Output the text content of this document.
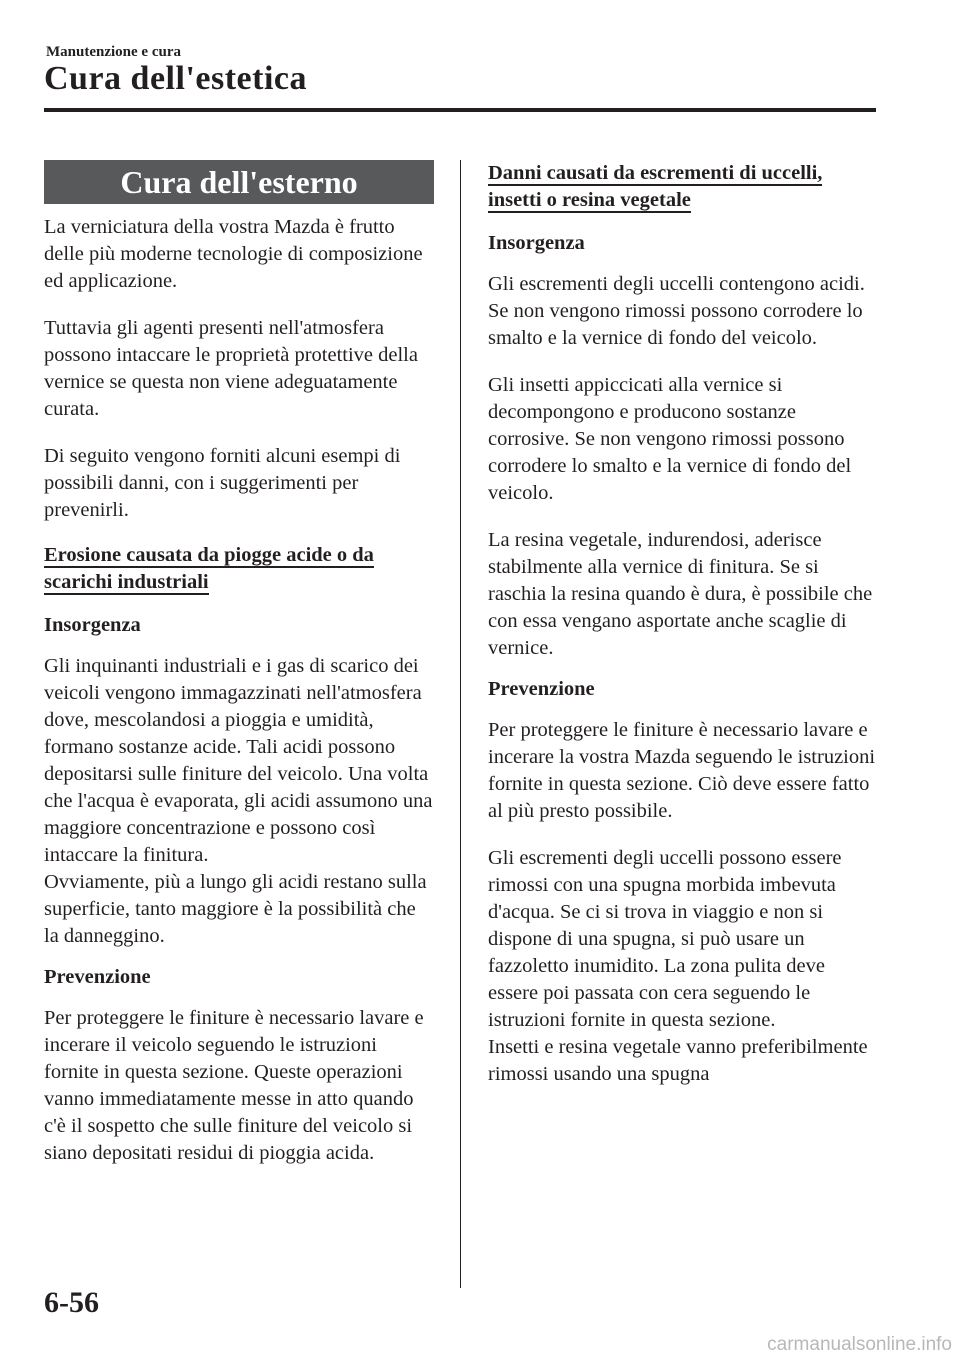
Manutenzione e cura
Cura dell'estetica
Cura dell'esterno

La verniciatura della vostra Mazda è frutto delle più moderne tecnologie di composizione ed applicazione.

Tuttavia gli agenti presenti nell'atmosfera possono intaccare le proprietà protettive della vernice se questa non viene adeguatamente curata.

Di seguito vengono forniti alcuni esempi di possibili danni, con i suggerimenti per prevenirli.

Erosione causata da piogge acide o da scarichi industriali
Insorgenza

Gli inquinanti industriali e i gas di scarico dei veicoli vengono immagazzinati nell'atmosfera dove, mescolandosi a pioggia e umidità, formano sostanze acide. Tali acidi possono depositarsi sulle finiture del veicolo. Una volta che l'acqua è evaporata, gli acidi assumono una maggiore concentrazione e possono così intaccare la finitura.
Ovviamente, più a lungo gli acidi restano sulla superficie, tanto maggiore è la possibilità che la danneggino.

Prevenzione

Per proteggere le finiture è necessario lavare e incerare il veicolo seguendo le istruzioni fornite in questa sezione. Queste operazioni vanno immediatamente messe in atto quando c'è il sospetto che sulle finiture del veicolo si siano depositati residui di pioggia acida.

Danni causati da escrementi di uccelli, insetti o resina vegetale
Insorgenza

Gli escrementi degli uccelli contengono acidi. Se non vengono rimossi possono corrodere lo smalto e la vernice di fondo del veicolo.

Gli insetti appiccicati alla vernice si decompongono e producono sostanze corrosive. Se non vengono rimossi possono corrodere lo smalto e la vernice di fondo del veicolo.

La resina vegetale, indurendosi, aderisce stabilmente alla vernice di finitura. Se si raschia la resina quando è dura, è possibile che con essa vengano asportate anche scaglie di vernice.

Prevenzione

Per proteggere le finiture è necessario lavare e incerare la vostra Mazda seguendo le istruzioni fornite in questa sezione. Ciò deve essere fatto al più presto possibile.

Gli escrementi degli uccelli possono essere rimossi con una spugna morbida imbevuta d'acqua. Se ci si trova in viaggio e non si dispone di una spugna, si può usare un fazzoletto inumidito. La zona pulita deve essere poi passata con cera seguendo le istruzioni fornite in questa sezione.
Insetti e resina vegetale vanno preferibilmente rimossi usando una spugna

6-56
carmanualsonline.info
